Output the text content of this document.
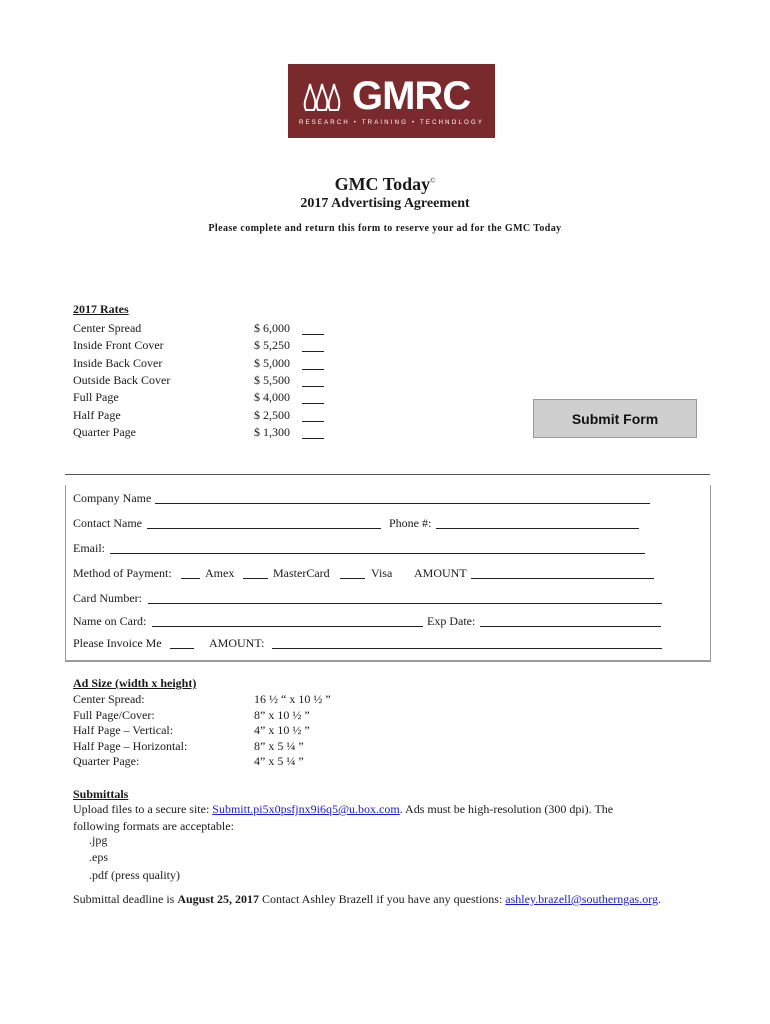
GMRC
RESEARCH • TRAINING • TECHNOLOGY
GMC Today©
2017 Advertising Agreement
Please complete and return this form to reserve your ad for the GMC Today
2017 Rates
Center Spread	$ 6,000
Inside Front Cover	$ 5,250
Inside Back Cover	$ 5,000
Outside Back Cover	$ 5,500
Full Page	$ 4,000
Half Page	$ 2,500
Quarter Page	$ 1,300
Submit Form
Company Name
Contact Name	Phone #:
Email:
Method of Payment:	Amex	MasterCard	Visa AMOUNT
Card Number:
Name on Card:	Exp Date:
Please Invoice Me	AMOUNT:
Ad Size (width x height)
Center Spread:	16 ½ “ x 10 ½ ”
Full Page/Cover:	8” x 10 ½ ”
Half Page – Vertical:	4” x 10 ½ ”
Half Page – Horizontal:	8” x 5 ¼ ”
Quarter Page:	4” x 5 ¼ ”
Submittals
Upload files to a secure site: Submitt.pi5x0psfjnx9i6q5@u.box.com. Ads must be high-resolution (300 dpi). The
following formats are acceptable:
.jpg
.eps
.pdf (press quality)
Submittal deadline is August 25, 2017 Contact Ashley Brazell if you have any questions: ashley.brazell@southerngas.org.
